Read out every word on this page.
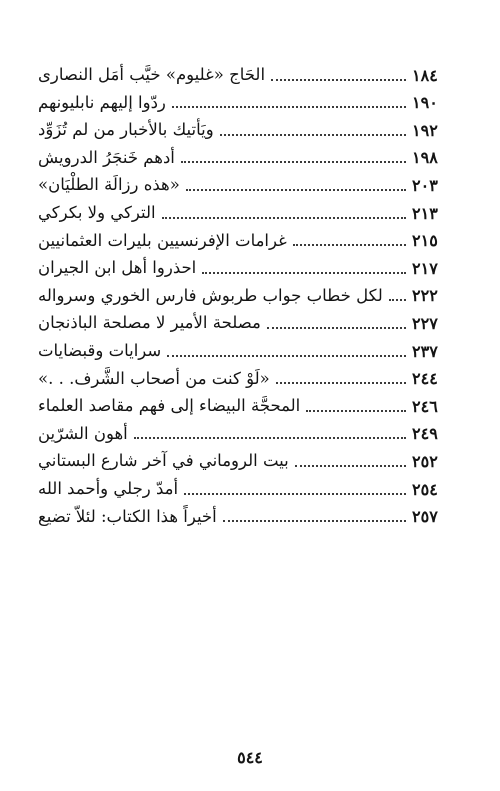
الحَاج «غليوم» خيَّب أمَل النصارى	١٨٤
ردّوا إليهم نابليونهم	١٩٠
ويَأتيك بالأخبار من لم تُزَوِّد	١٩٢
أدهم خَنجَرُ الدرويش	١٩٨
«هذه رزالَة الطلْيَان»	٢٠٣
التركي ولا بكركي	٢١٣
غرامات الإفرنسيين بليرات العثمانيين	٢١٥
احذروا أهل ابن الجيران	٢١٧
لكل خطاب جواب طربوش فارس الخوري وسرواله ٢٢٢
مصلحة الأمير لا مصلحة الباذنجان	٢٢٧
سرايات وقبضايات	٢٣٧
«لَوْ كنت من أصحاب الشَّرف. . .»	٢٤٤
المحجَّة البيضاء إلى فهم مقاصد العلماء	٢٤٦
أهون الشرّين	٢٤٩
بيت الروماني في آخر شارع البستاني	٢٥٢
أمدّ رجلي وأحمد الله	٢٥٤
أخيراً هذا الكتاب: لئلاّ تضيع	٢٥٧
٥٤٤
